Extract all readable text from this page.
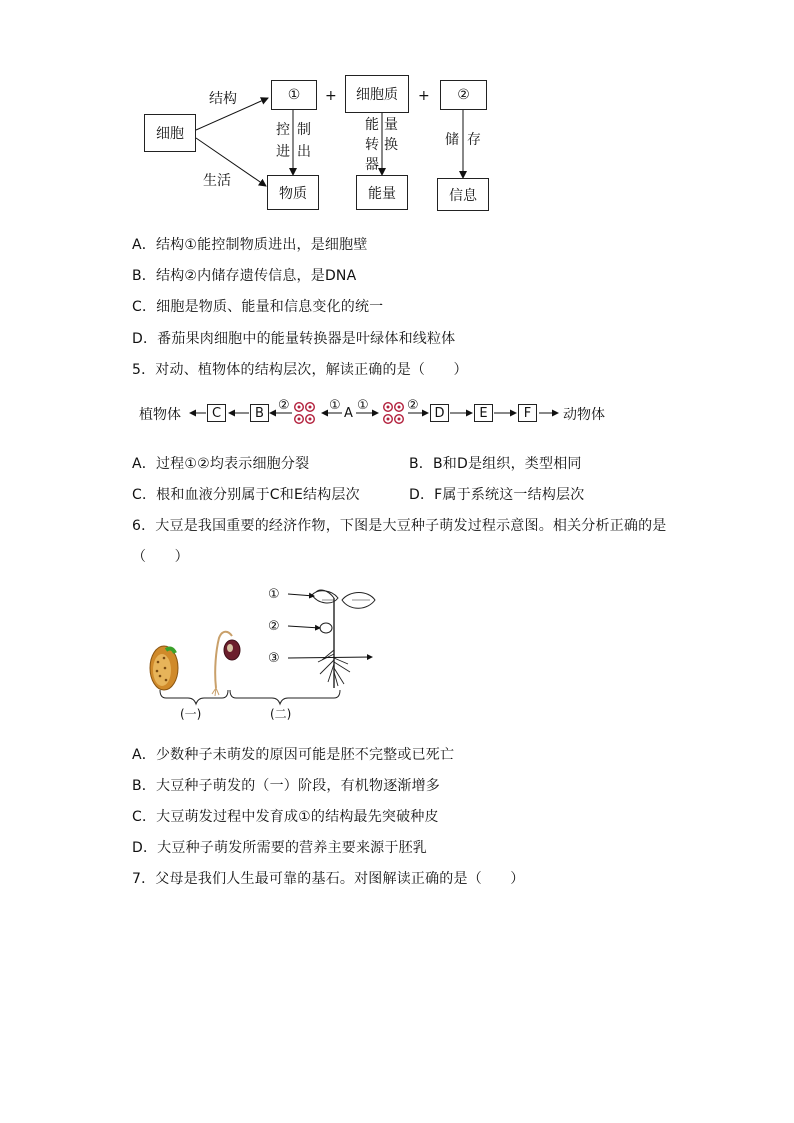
细胞
结构
生活
①	+	细胞质	+	②
控 制
进 出
能 量
转 换
器
储 存
物质	能量	信息
A．结构①能控制物质进出，是细胞壁
B．结构②内储存遗传信息，是DNA
C．细胞是物质、能量和信息变化的统一
D．番茄果肉细胞中的能量转换器是叶绿体和线粒体
5．对动、植物体的结构层次，解读正确的是（　　）
植物体	C	B	②	①
A
①	②	D	E	F	动物体
A．过程①②均表示细胞分裂	B．B和D是组织，类型相同
C．根和血液分别属于C和E结构层次	D．F属于系统这一结构层次
6．大豆是我国重要的经济作物，下图是大豆种子萌发过程示意图。相关分析正确的是
（　　）
①
②
③
(一)	(二)
A．少数种子未萌发的原因可能是胚不完整或已死亡
B．大豆种子萌发的（一）阶段，有机物逐渐增多
C．大豆萌发过程中发育成①的结构最先突破种皮
D．大豆种子萌发所需要的营养主要来源于胚乳
7．父母是我们人生最可靠的基石。对图解读正确的是（　　）
